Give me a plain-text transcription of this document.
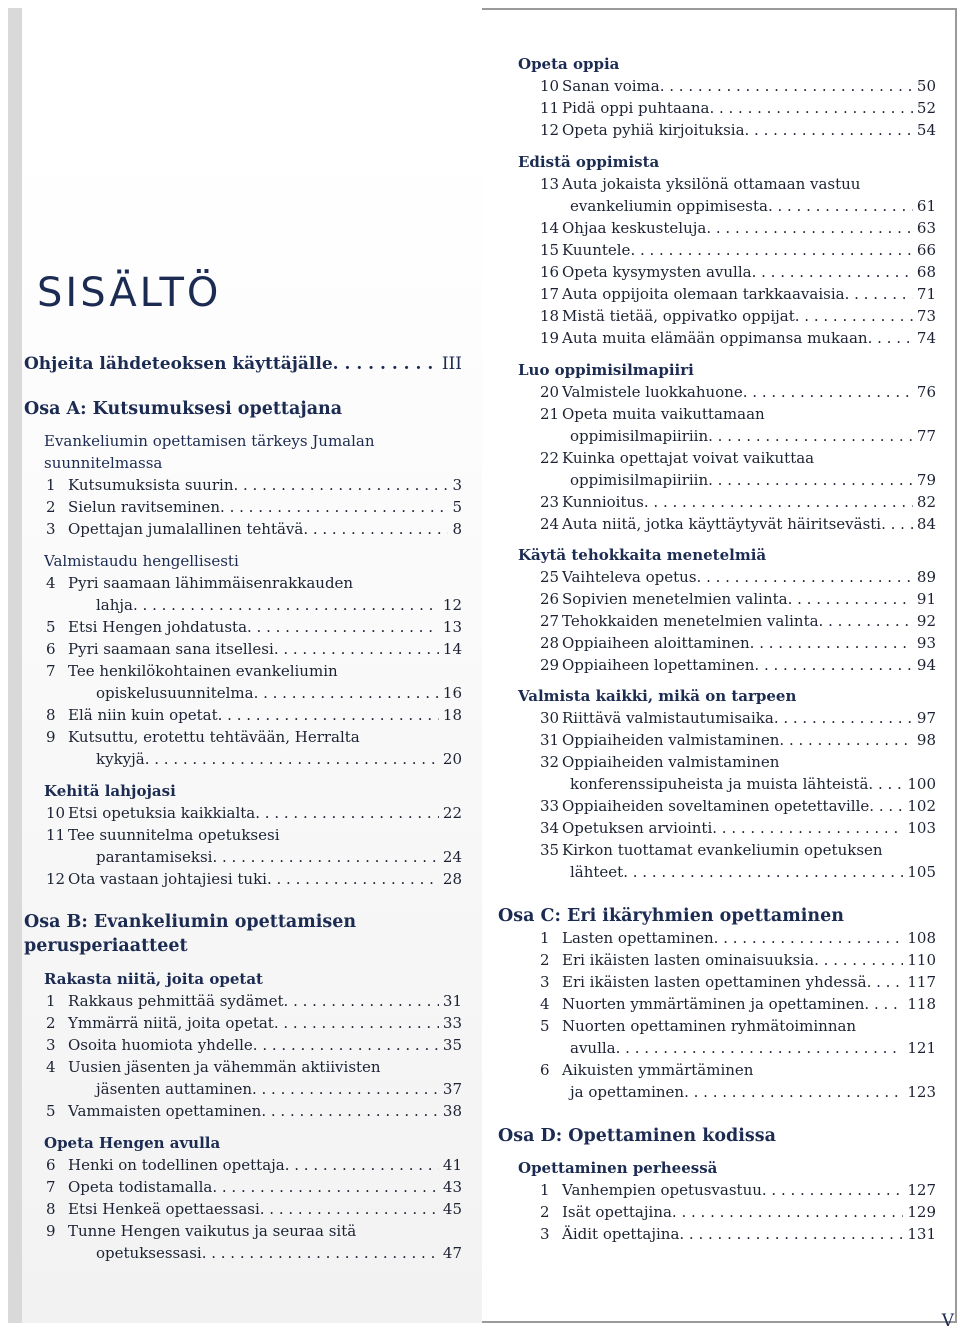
SISÄLTÖ
Ohjeita lähdeteoksen käyttäjälle . . .	III
Osa A: Kutsumuksesi opettajana
Evankeliumin opettamisen tärkeys Jumalan
suunnitelmassa
1 Kutsumuksista suurin . . .	3
2 Sielun ravitseminen . . .	5
3 Opettajan jumalallinen tehtävä . . .	8
Valmistaudu hengellisesti
4 Pyri saamaan lähimmäisenrakkauden
lahja . . .	12
5 Etsi Hengen johdatusta . . .	13
6 Pyri saamaan sana itsellesi . . .	14
7 Tee henkilökohtainen evankeliumin
opiskelusuunnitelma . . .	16
8 Elä niin kuin opetat . . .	18
9 Kutsuttu, erotettu tehtävään, Herralta
kykyjä . . .	20
Kehitä lahjojasi
10 Etsi opetuksia kaikkialta . . .	22
11 Tee suunnitelma opetuksesi
parantamiseksi . . .	24
12 Ota vastaan johtajiesi tuki . . .	28
Osa B: Evankeliumin opettamisen
perusperiaatteet
Rakasta niitä, joita opetat
1 Rakkaus pehmittää sydämet . . .	31
2 Ymmärrä niitä, joita opetat . . .	33
3 Osoita huomiota yhdelle . . .	35
4 Uusien jäsenten ja vähemmän aktiivisten
jäsenten auttaminen . . .	37
5 Vammaisten opettaminen . . .	38
Opeta Hengen avulla
6 Henki on todellinen opettaja . . .	41
7 Opeta todistamalla . . .	43
8 Etsi Henkeä opettaessasi . . .	45
9 Tunne Hengen vaikutus ja seuraa sitä
opetuksessasi . . .	47
Opeta oppia
10 Sanan voima . . .	50
11 Pidä oppi puhtaana . . .	52
12 Opeta pyhiä kirjoituksia . . .	54
Edistä oppimista
13 Auta jokaista yksilönä ottamaan vastuu
evankeliumin oppimisesta . . .	61
14 Ohjaa keskusteluja . . .	63
15 Kuuntele . . .	66
16 Opeta kysymysten avulla . . .	68
17 Auta oppijoita olemaan tarkkaavaisia . . .	71
18 Mistä tietää, oppivatko oppijat . . .	73
19 Auta muita elämään oppimansa mukaan . . .	74
Luo oppimisilmapiiri
20 Valmistele luokkahuone . . .	76
21 Opeta muita vaikuttamaan
oppimisilmapiiriin . . .	77
22 Kuinka opettajat voivat vaikuttaa
oppimisilmapiiriin . . .	79
23 Kunnioitus . . .	82
24 Auta niitä, jotka käyttäytyvät häiritsevästi . . . 84
Käytä tehokkaita menetelmiä
25 Vaihteleva opetus . . .	89
26 Sopivien menetelmien valinta . . .	91
27 Tehokkaiden menetelmien valinta . . .	92
28 Oppiaiheen aloittaminen . . .	93
29 Oppiaiheen lopettaminen . . .	94
Valmista kaikki, mikä on tarpeen
30 Riittävä valmistautumisaika . . .	97
31 Oppiaiheiden valmistaminen . . .	98
32 Oppiaiheiden valmistaminen
konferenssipuheista ja muista lähteistä . . .	100
33 Oppiaiheiden soveltaminen opetettaville . . .	102
34 Opetuksen arviointi . . .	103
35 Kirkon tuottamat evankeliumin opetuksen
lähteet . . .	105
Osa C: Eri ikäryhmien opettaminen
1 Lasten opettaminen . . .	108
2 Eri ikäisten lasten ominaisuuksia . . .	110
3 Eri ikäisten lasten opettaminen yhdessä . . .	117
4 Nuorten ymmärtäminen ja opettaminen . . .	118
5 Nuorten opettaminen ryhmätoiminnan
avulla . . .	121
6 Aikuisten ymmärtäminen
ja opettaminen . . .	123
Osa D: Opettaminen kodissa
Opettaminen perheessä
1 Vanhempien opetusvastuu . . .	127
2 Isät opettajina . . .	129
3 Äidit opettajina . . .	131
V
